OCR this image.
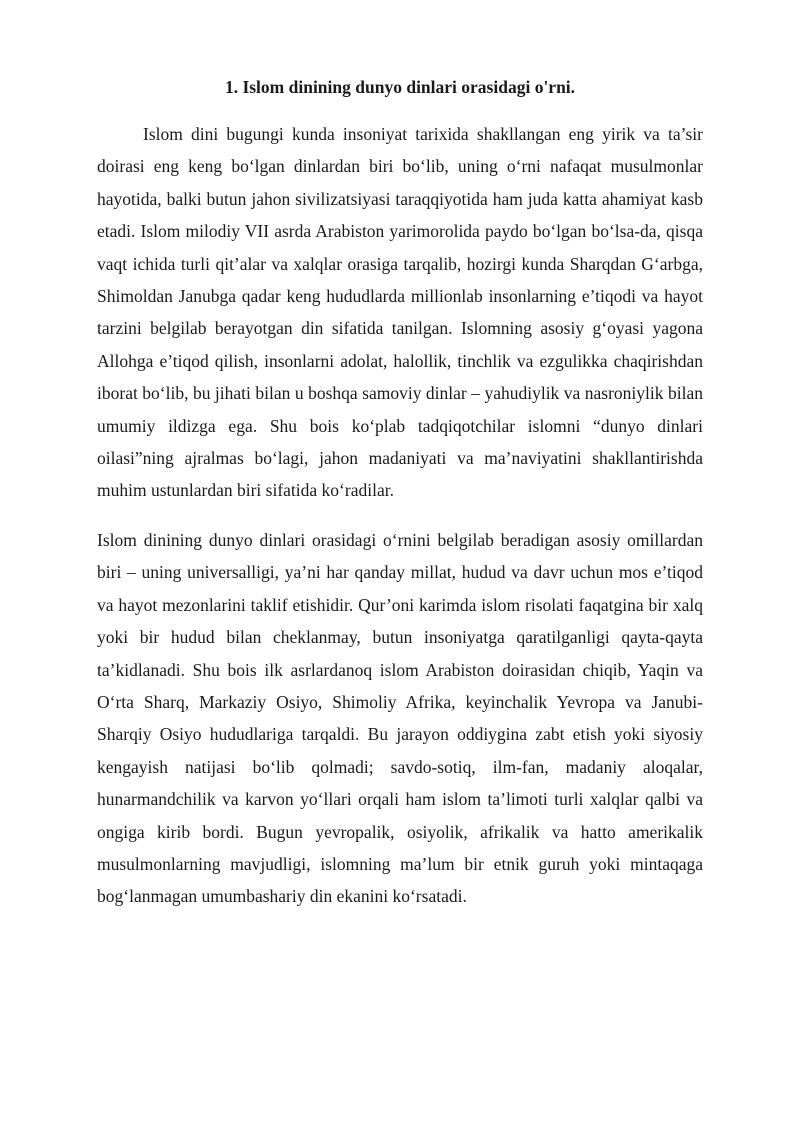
1. Islom dinining dunyo dinlari orasidagi o'rni.

Islom dini bugungi kunda insoniyat tarixida shakllangan eng yirik va ta’sir doirasi eng keng bo‘lgan dinlardan biri bo‘lib, uning o‘rni nafaqat musulmonlar hayotida, balki butun jahon sivilizatsiyasi taraqqiyotida ham juda katta ahamiyat kasb etadi. Islom milodiy VII asrda Arabiston yarimorolida paydo bo‘lgan bo‘lsa-da, qisqa vaqt ichida turli qit’alar va xalqlar orasiga tarqalib, hozirgi kunda Sharqdan G‘arbga, Shimoldan Janubga qadar keng hududlarda millionlab insonlarning e’tiqodi va hayot tarzini belgilab berayotgan din sifatida tanilgan. Islomning asosiy g‘oyasi yagona Allohga e’tiqod qilish, insonlarni adolat, halollik, tinchlik va ezgulikka chaqirishdan iborat bo‘lib, bu jihati bilan u boshqa samoviy dinlar – yahudiylik va nasroniylik bilan umumiy ildizga ega. Shu bois ko‘plab tadqiqotchilar islomni “dunyo dinlari oilasi”ning ajralmas bo‘lagi, jahon madaniyati va ma’naviyatini shakllantirishda muhim ustunlardan biri sifatida ko‘radilar.

Islom dinining dunyo dinlari orasidagi o‘rnini belgilab beradigan asosiy omillardan biri – uning universalligi, ya’ni har qanday millat, hudud va davr uchun mos e’tiqod va hayot mezonlarini taklif etishidir. Qur’oni karimda islom risolati faqatgina bir xalq yoki bir hudud bilan cheklanmay, butun insoniyatga qaratilganligi qayta-qayta ta’kidlanadi. Shu bois ilk asrlardanoq islom Arabiston doirasidan chiqib, Yaqin va O‘rta Sharq, Markaziy Osiyo, Shimoliy Afrika, keyinchalik Yevropa va Janubi-Sharqiy Osiyo hududlariga tarqaldi. Bu jarayon oddiygina zabt etish yoki siyosiy kengayish natijasi bo‘lib qolmadi; savdo-sotiq, ilm-fan, madaniy aloqalar, hunarmandchilik va karvon yo‘llari orqali ham islom ta’limoti turli xalqlar qalbi va ongiga kirib bordi. Bugun yevropalik, osiyolik, afrikalik va hatto amerikalik musulmonlarning mavjudligi, islomning ma’lum bir etnik guruh yoki mintaqaga bog‘lanmagan umumbashariy din ekanini ko‘rsatadi.
